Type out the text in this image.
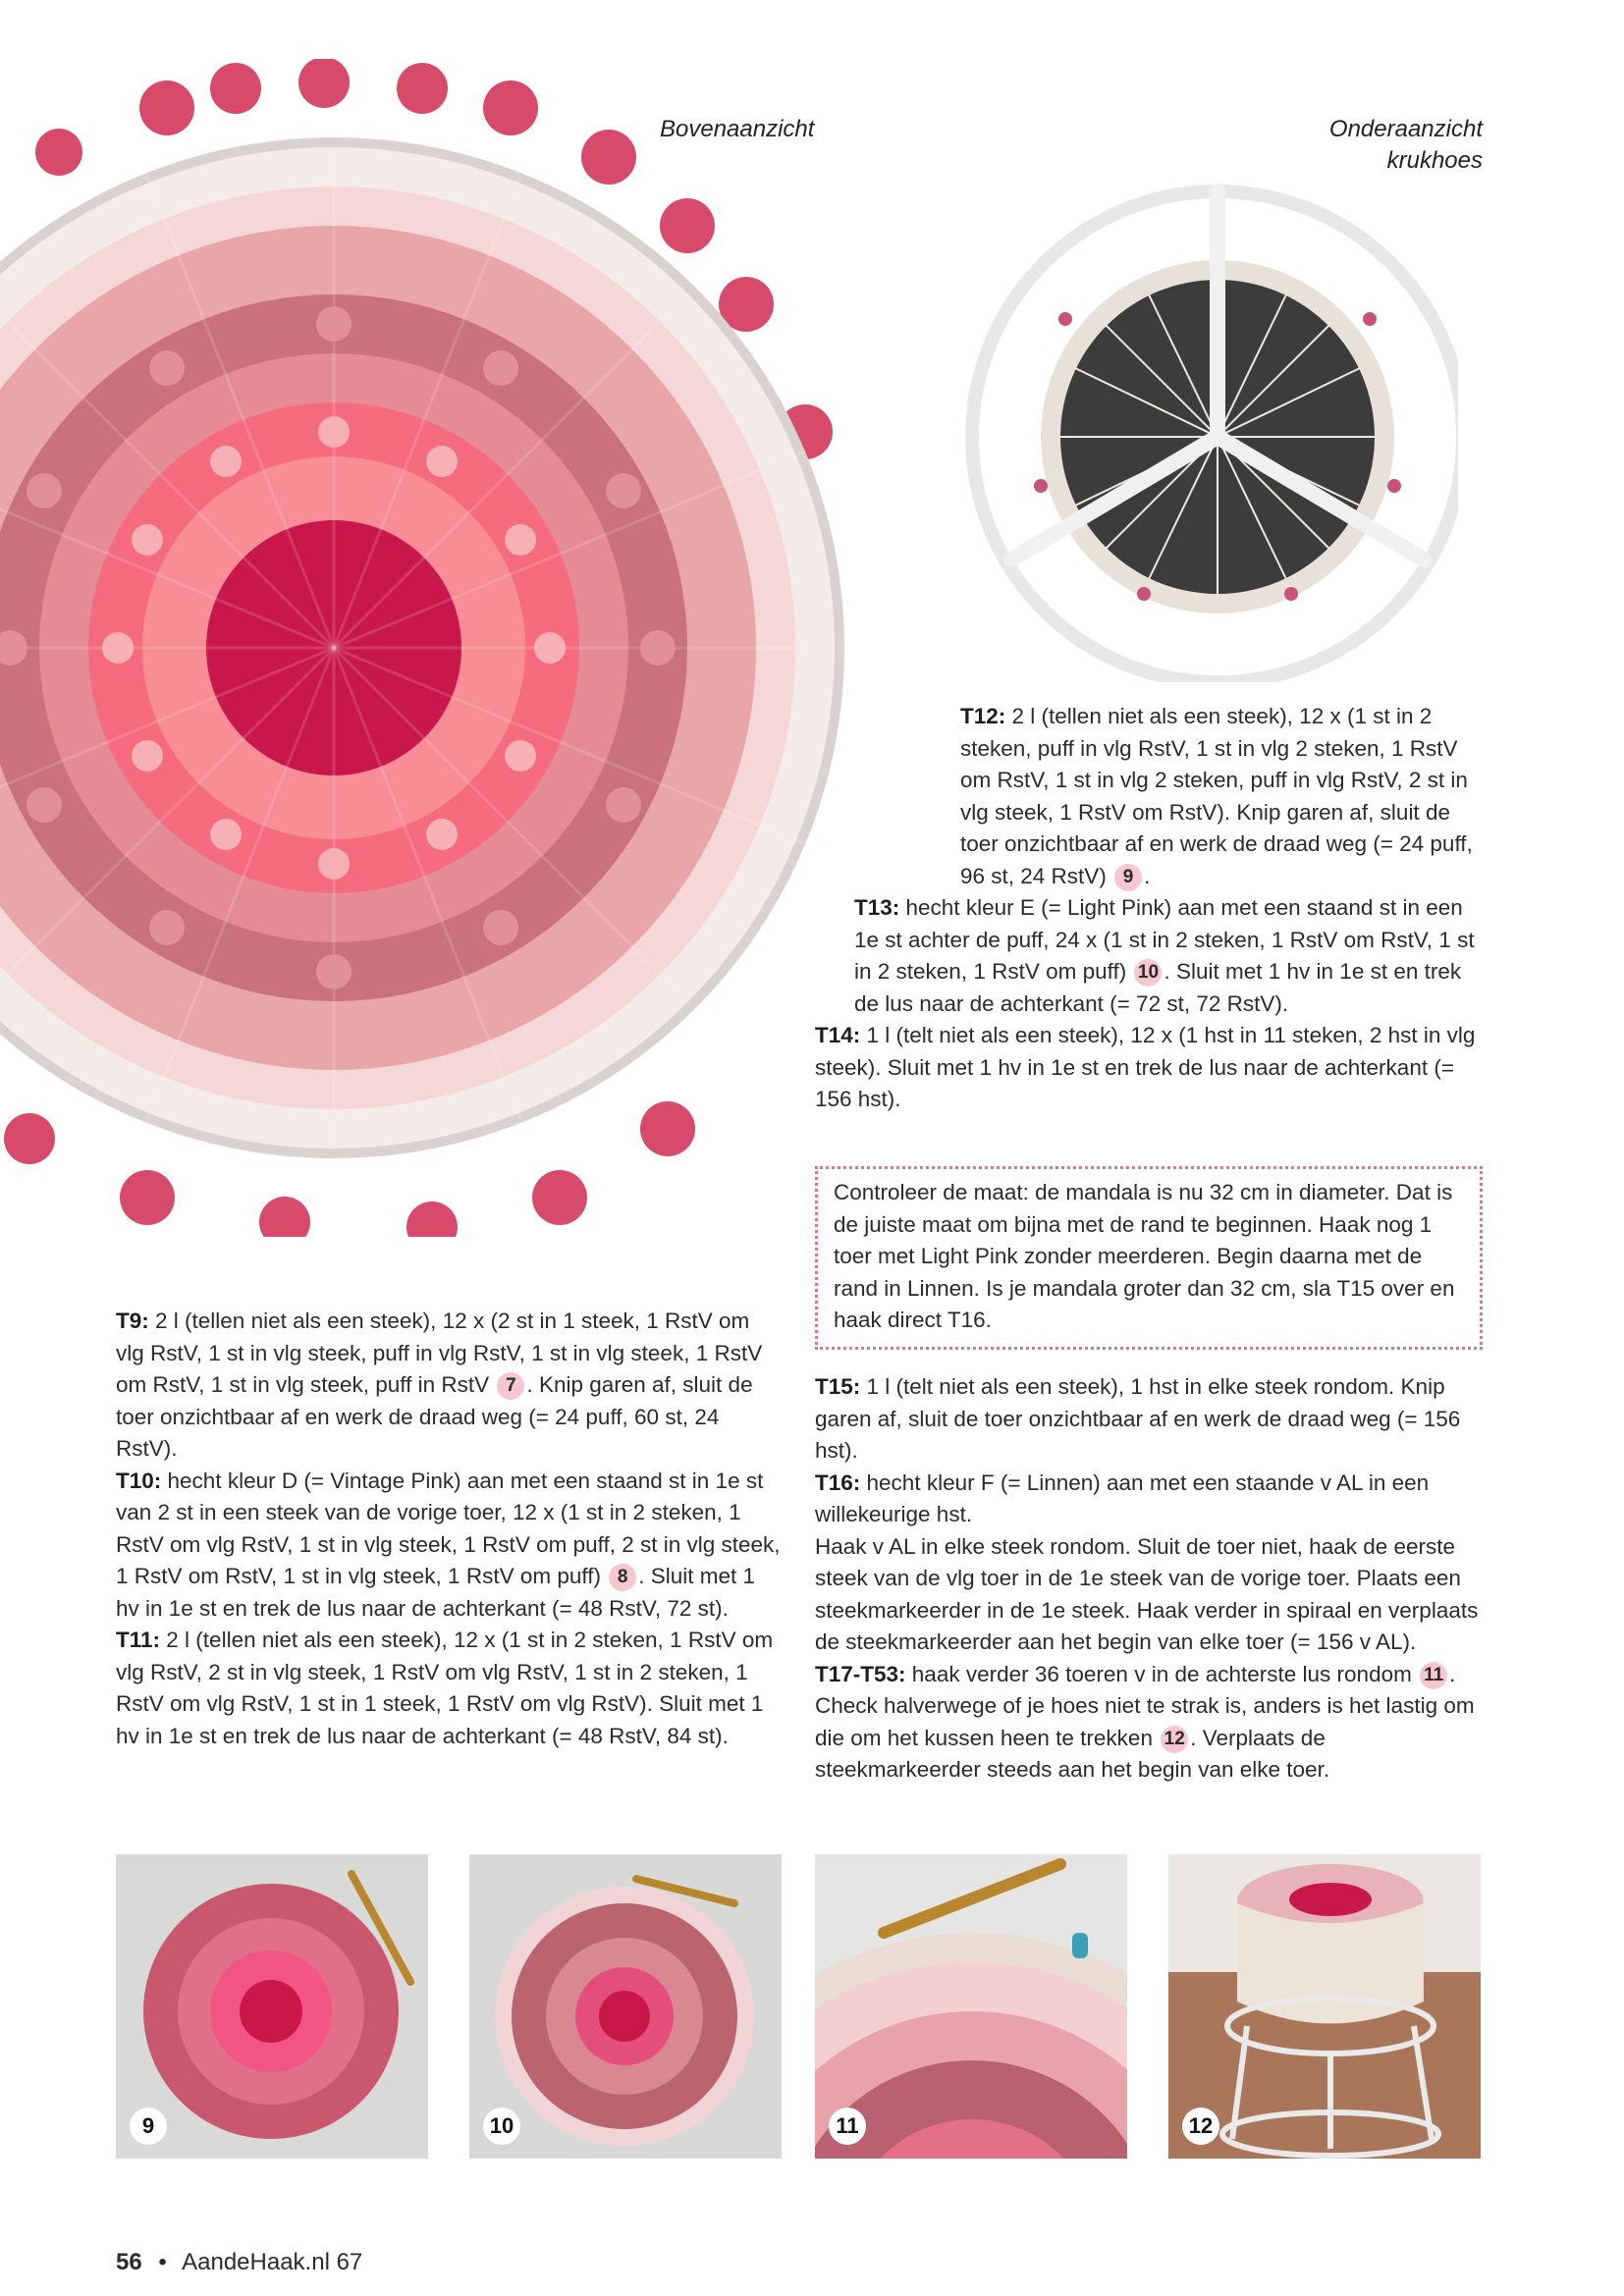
Bovenaanzicht	Onderaanzicht
krukhoes

T12: 2 l (tellen niet als een steek), 12 x (1 st in 2 steken, puff in vlg RstV, 1 st in vlg 2 steken, 1 RstV om RstV, 1 st in vlg 2 steken, puff in vlg RstV, 2 st in vlg steek, 1 RstV om RstV). Knip garen af, sluit de toer onzichtbaar af en werk de draad weg (= 24 puff, 96 st, 24 RstV) 9 .

T13: hecht kleur E (= Light Pink) aan met een staand st in een 1e st achter de puff, 24 x (1 st in 2 steken, 1 RstV om RstV, 1 st in 2 steken, 1 RstV om puff) 10 . Sluit met 1 hv in 1e st en trek de lus naar de achterkant (= 72 st, 72 RstV).

T14: 1 l (telt niet als een steek), 12 x (1 hst in 11 steken, 2 hst in vlg steek). Sluit met 1 hv in 1e st en trek de lus naar de achterkant (= 156 hst).

Controleer de maat: de mandala is nu 32 cm in diameter. Dat is de juiste maat om bijna met de rand te beginnen. Haak nog 1 toer met Light Pink zonder meerderen. Begin daarna met de rand in Linnen. Is je mandala groter dan 32 cm, sla T15 over en haak direct T16.

T15: 1 l (telt niet als een steek), 1 hst in elke steek rondom. Knip garen af, sluit de toer onzichtbaar af en werk de draad weg (= 156 hst).

T16: hecht kleur F (= Linnen) aan met een staande v AL in een willekeurige hst.

Haak v AL in elke steek rondom. Sluit de toer niet, haak de eerste steek van de vlg toer in de 1e steek van de vorige toer. Plaats een steekmarkeerder in de 1e steek. Haak verder in spiraal en verplaats de steekmarkeerder aan het begin van elke toer (= 156 v AL).

T17-T53: haak verder 36 toeren v in de achterste lus rondom 11 . Check halverwege of je hoes niet te strak is, anders is het lastig om die om het kussen heen te trekken 12 . Verplaats de steekmarkeerder steeds aan het begin van elke toer.

T9: 2 l (tellen niet als een steek), 12 x (2 st in 1 steek, 1 RstV om vlg RstV, 1 st in vlg steek, puff in vlg RstV, 1 st in vlg steek, 1 RstV om RstV, 1 st in vlg steek, puff in RstV 7 . Knip garen af, sluit de toer onzichtbaar af en werk de draad weg (= 24 puff, 60 st, 24 RstV).

T10: hecht kleur D (= Vintage Pink) aan met een staand st in 1e st van 2 st in een steek van de vorige toer, 12 x (1 st in 2 steken, 1 RstV om vlg RstV, 1 st in vlg steek, 1 RstV om puff, 2 st in vlg steek, 1 RstV om RstV, 1 st in vlg steek, 1 RstV om puff) 8 . Sluit met 1 hv in 1e st en trek de lus naar de achterkant (= 48 RstV, 72 st).

T11: 2 l (tellen niet als een steek), 12 x (1 st in 2 steken, 1 RstV om vlg RstV, 2 st in vlg steek, 1 RstV om vlg RstV, 1 st in 2 steken, 1 RstV om vlg RstV, 1 st in 1 steek, 1 RstV om vlg RstV). Sluit met 1 hv in 1e st en trek de lus naar de achterkant (= 48 RstV, 84 st).

9	10	11	12
56 • AandeHaak.nl 67
